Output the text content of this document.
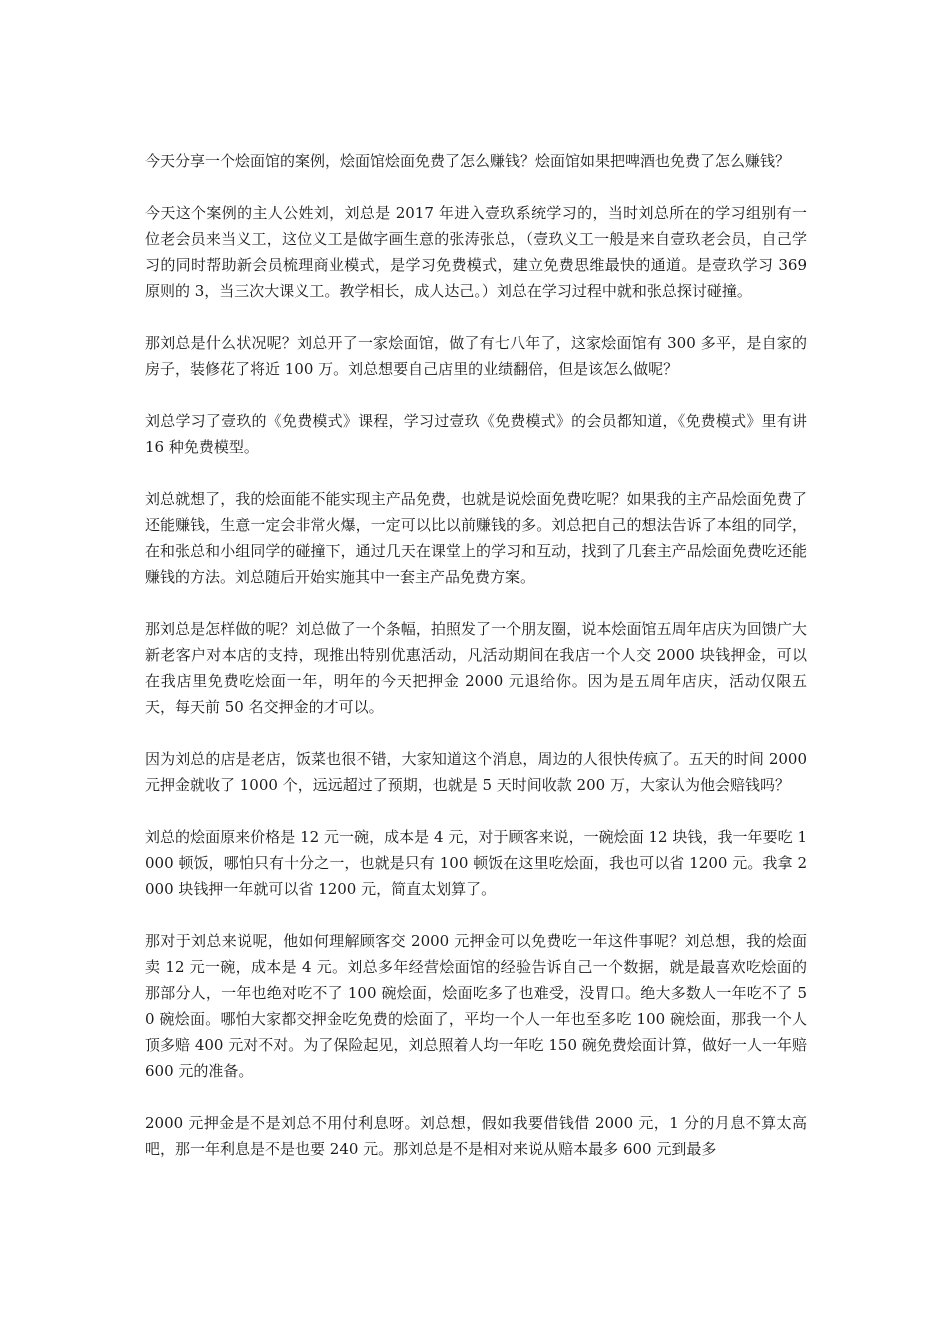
今天分享一个烩面馆的案例，烩面馆烩面免费了怎么赚钱？烩面馆如果把啤酒也免费了怎么赚钱？

今天这个案例的主人公姓刘，刘总是 2017 年进入壹玖系统学习的，当时刘总所在的学习组别有一位老会员来当义工，这位义工是做字画生意的张涛张总，（壹玖义工一般是来自壹玖老会员，自己学习的同时帮助新会员梳理商业模式，是学习免费模式，建立免费思维最快的通道。是壹玖学习 369 原则的 3，当三次大课义工。教学相长，成人达己。）刘总在学习过程中就和张总探讨碰撞。

那刘总是什么状况呢？刘总开了一家烩面馆，做了有七八年了，这家烩面馆有 300 多平，是自家的房子，装修花了将近 100 万。刘总想要自己店里的业绩翻倍，但是该怎么做呢？

刘总学习了壹玖的《免费模式》课程，学习过壹玖《免费模式》的会员都知道，《免费模式》里有讲 16 种免费模型。

刘总就想了，我的烩面能不能实现主产品免费，也就是说烩面免费吃呢？如果我的主产品烩面免费了还能赚钱，生意一定会非常火爆，一定可以比以前赚钱的多。刘总把自己的想法告诉了本组的同学，在和张总和小组同学的碰撞下，通过几天在课堂上的学习和互动，找到了几套主产品烩面免费吃还能赚钱的方法。刘总随后开始实施其中一套主产品免费方案。

那刘总是怎样做的呢？刘总做了一个条幅，拍照发了一个朋友圈，说本烩面馆五周年店庆为回馈广大新老客户对本店的支持，现推出特别优惠活动，凡活动期间在我店一个人交 2000 块钱押金，可以在我店里免费吃烩面一年，明年的今天把押金 2000 元退给你。因为是五周年店庆，活动仅限五天，每天前 50 名交押金的才可以。

因为刘总的店是老店，饭菜也很不错，大家知道这个消息，周边的人很快传疯了。五天的时间 2000 元押金就收了 1000 个，远远超过了预期，也就是 5 天时间收款 200 万，大家认为他会赔钱吗？

刘总的烩面原来价格是 12 元一碗，成本是 4 元，对于顾客来说，一碗烩面 12 块钱，我一年要吃 1000 顿饭，哪怕只有十分之一，也就是只有 100 顿饭在这里吃烩面，我也可以省 1200 元。我拿 2000 块钱押一年就可以省 1200 元，简直太划算了。

那对于刘总来说呢，他如何理解顾客交 2000 元押金可以免费吃一年这件事呢？刘总想，我的烩面卖 12 元一碗，成本是 4 元。刘总多年经营烩面馆的经验告诉自己一个数据，就是最喜欢吃烩面的那部分人，一年也绝对吃不了 100 碗烩面，烩面吃多了也难受，没胃口。绝大多数人一年吃不了 50 碗烩面。哪怕大家都交押金吃免费的烩面了，平均一个人一年也至多吃 100 碗烩面，那我一个人顶多赔 400 元对不对。为了保险起见，刘总照着人均一年吃 150 碗免费烩面计算，做好一人一年赔 600 元的准备。

2000 元押金是不是刘总不用付利息呀。刘总想，假如我要借钱借 2000 元，1 分的月息不算太高吧，那一年利息是不是也要 240 元。那刘总是不是相对来说从赔本最多 600 元到最多
